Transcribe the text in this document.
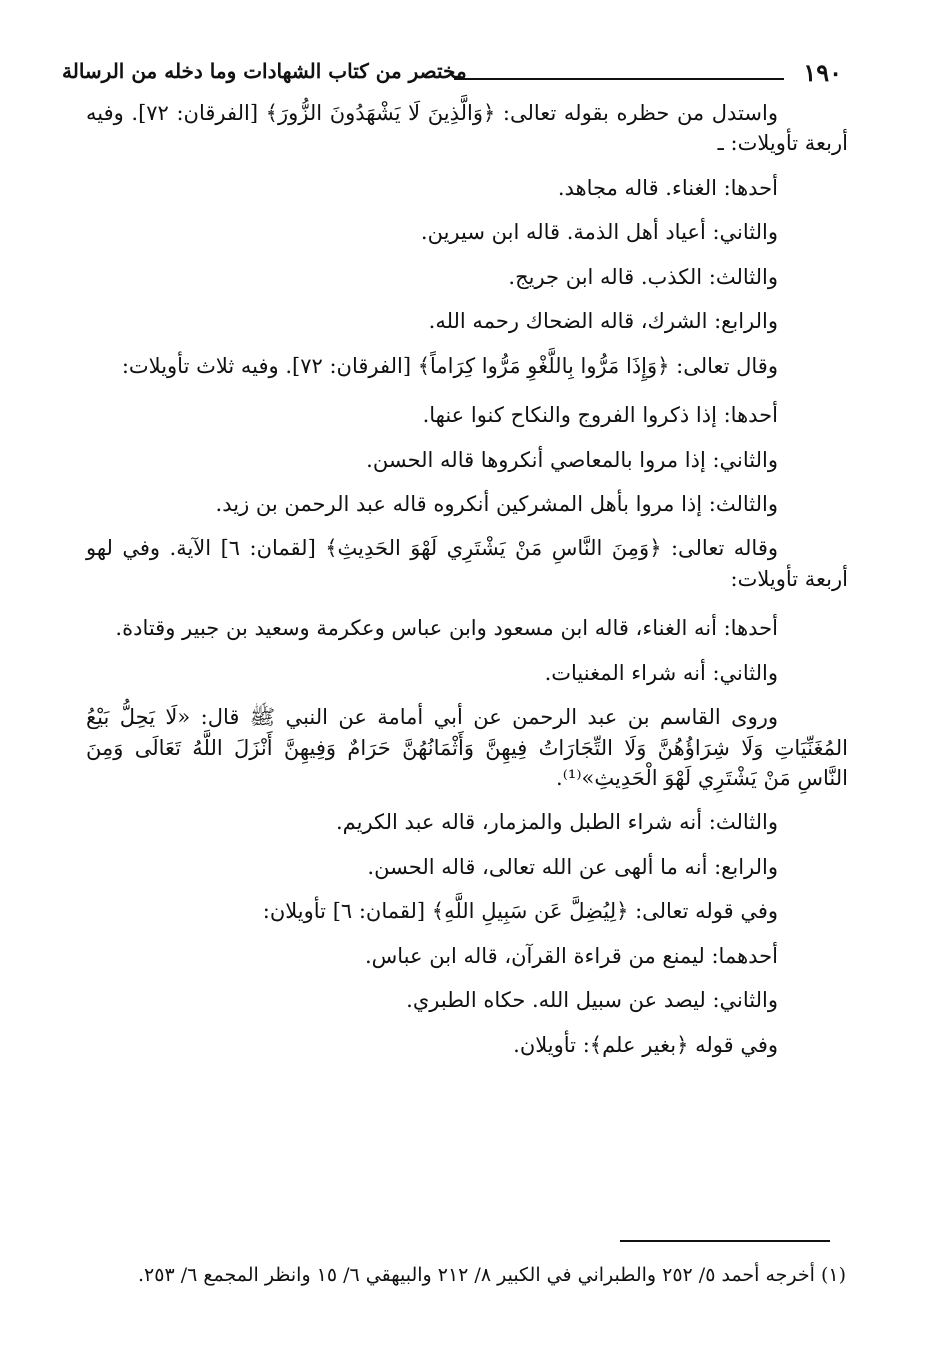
١٩٠
مختصر من كتاب الشهادات وما دخله من الرسالة

واستدل من حظره بقوله تعالى: ﴿وَالَّذِينَ لَا يَشْهَدُونَ الزُّورَ﴾ [الفرقان: ٧٢]. وفيه أربعة تأويلات: ـ

أحدها: الغناء. قاله مجاهد.

والثاني: أعياد أهل الذمة. قاله ابن سيرين.

والثالث: الكذب. قاله ابن جريج.

والرابع: الشرك، قاله الضحاك رحمه الله.

وقال تعالى: ﴿وَإِذَا مَرُّوا بِاللَّغْوِ مَرُّوا كِرَاماً﴾ [الفرقان: ٧٢]. وفيه ثلاث تأويلات:

أحدها: إذا ذكروا الفروج والنكاح كنوا عنها.

والثاني: إذا مروا بالمعاصي أنكروها قاله الحسن.

والثالث: إذا مروا بأهل المشركين أنكروه قاله عبد الرحمن بن زيد.

وقاله تعالى: ﴿وَمِنَ النَّاسِ مَنْ يَشْتَرِي لَهْوَ الحَدِيثِ﴾ [لقمان: ٦] الآية. وفي لهو أربعة تأويلات:

أحدها: أنه الغناء، قاله ابن مسعود وابن عباس وعكرمة وسعيد بن جبير وقتادة.

والثاني: أنه شراء المغنيات.

وروى القاسم بن عبد الرحمن عن أبي أمامة عن النبي ﷺ قال: «لَا يَحِلُّ بَيْعُ المُغَنِّيَاتِ وَلَا شِرَاؤُهُنَّ وَلَا التِّجَارَاتُ فِيهِنَّ وَأَثْمَانُهُنَّ حَرَامٌ وَفِيهِنَّ أَنْزَلَ اللَّهُ تَعَالَى وَمِنَ النَّاسِ مَنْ يَشْتَرِي لَهْوَ الْحَدِيثِ»⁽¹⁾.

والثالث: أنه شراء الطبل والمزمار، قاله عبد الكريم.

والرابع: أنه ما ألهى عن الله تعالى، قاله الحسن.

وفي قوله تعالى: ﴿لِيُضِلَّ عَن سَبِيلِ اللَّهِ﴾ [لقمان: ٦] تأويلان:

أحدهما: ليمنع من قراءة القرآن، قاله ابن عباس.

والثاني: ليصد عن سبيل الله. حكاه الطبري.

وفي قوله ﴿بغير علم﴾: تأويلان.

(١) أخرجه أحمد ٥/ ٢٥٢ والطبراني في الكبير ٨/ ٢١٢ والبيهقي ٦/ ١٥ وانظر المجمع ٦/ ٢٥٣.
